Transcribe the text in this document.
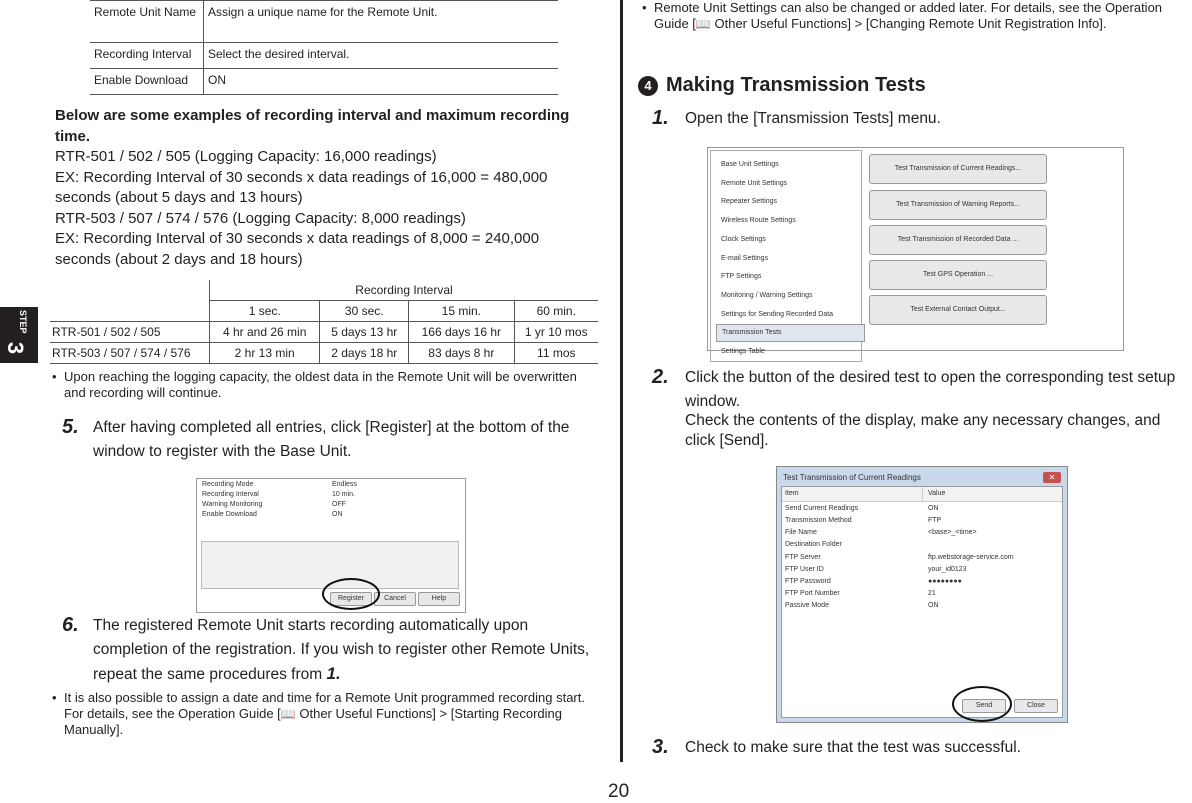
Remote Unit Name	Assign a unique name for the Remote Unit.
Recording Interval	Select the desired interval.
Enable Download	ON
Below are some examples of recording interval and maximum recording time.
RTR-501 / 502 / 505 (Logging Capacity: 16,000 readings)
EX: Recording Interval of 30 seconds x data readings of 16,000 = 480,000
seconds (about 5 days and 13 hours)
RTR-503 / 507 / 574 / 576 (Logging Capacity: 8,000 readings)
EX: Recording Interval of 30 seconds x data readings of 8,000 = 240,000
seconds (about 2 days and 18 hours)
	Recording Interval			
	1 sec.	30 sec.	15 min.	60 min.
RTR-501 / 502 / 505	4 hr and 26 min	5 days 13 hr	166 days 16 hr	1 yr 10 mos
RTR-503 / 507 / 574 / 576	2 hr 13 min	2 days 18 hr	83 days 8 hr	11 mos
STEP
3
• Upon reaching the logging capacity, the oldest data in the Remote Unit will be overwritten and recording will continue.
5. After having completed all entries, click [Register] at the bottom of the window to register with the Base Unit.
Recording Mode	Endless
Recording Interval	10 min.
Warning Monitoring	OFF
Enable Download	ON
Register	Cancel	Help
6. The registered Remote Unit starts recording automatically upon completion of the registration. If you wish to register other Remote Units, repeat the same procedures from 1.
• It is also possible to assign a date and time for a Remote Unit programmed recording start. For details, see the Operation Guide [📖 Other Useful Functions] > [Starting Recording Manually].
• Remote Unit Settings can also be changed or added later. For details, see the Operation Guide [📖 Other Useful Functions] > [Changing Remote Unit Registration Info].
4 Making Transmission Tests
1. Open the [Transmission Tests] menu.
Base Unit Settings
Remote Unit Settings
Repeater Settings
Wireless Route Settings
Clock Settings
E-mail Settings
FTP Settings
Monitoring / Warning Settings
Settings for Sending Recorded Data
Transmission Tests
Settings Table
Test Transmission of Current Readings...
Test Transmission of Warning Reports...
Test Transmission of Recorded Data ...
Test GPS Operation ...
Test External Contact Output...
2. Click the button of the desired test to open the corresponding test setup window.
Check the contents of the display, make any necessary changes, and click [Send].
Test Transmission of Current Readings	✕
Item	Value
Send Current Readings	ON
Transmission Method	FTP
File Name	<base>_<time>
Destination Folder
FTP Server	ftp.webstorage-service.com
FTP User ID	your_id0123
FTP Password	●●●●●●●●
FTP Port Number	21
Passive Mode	ON
Send	Close
3. Check to make sure that the test was successful.
20
